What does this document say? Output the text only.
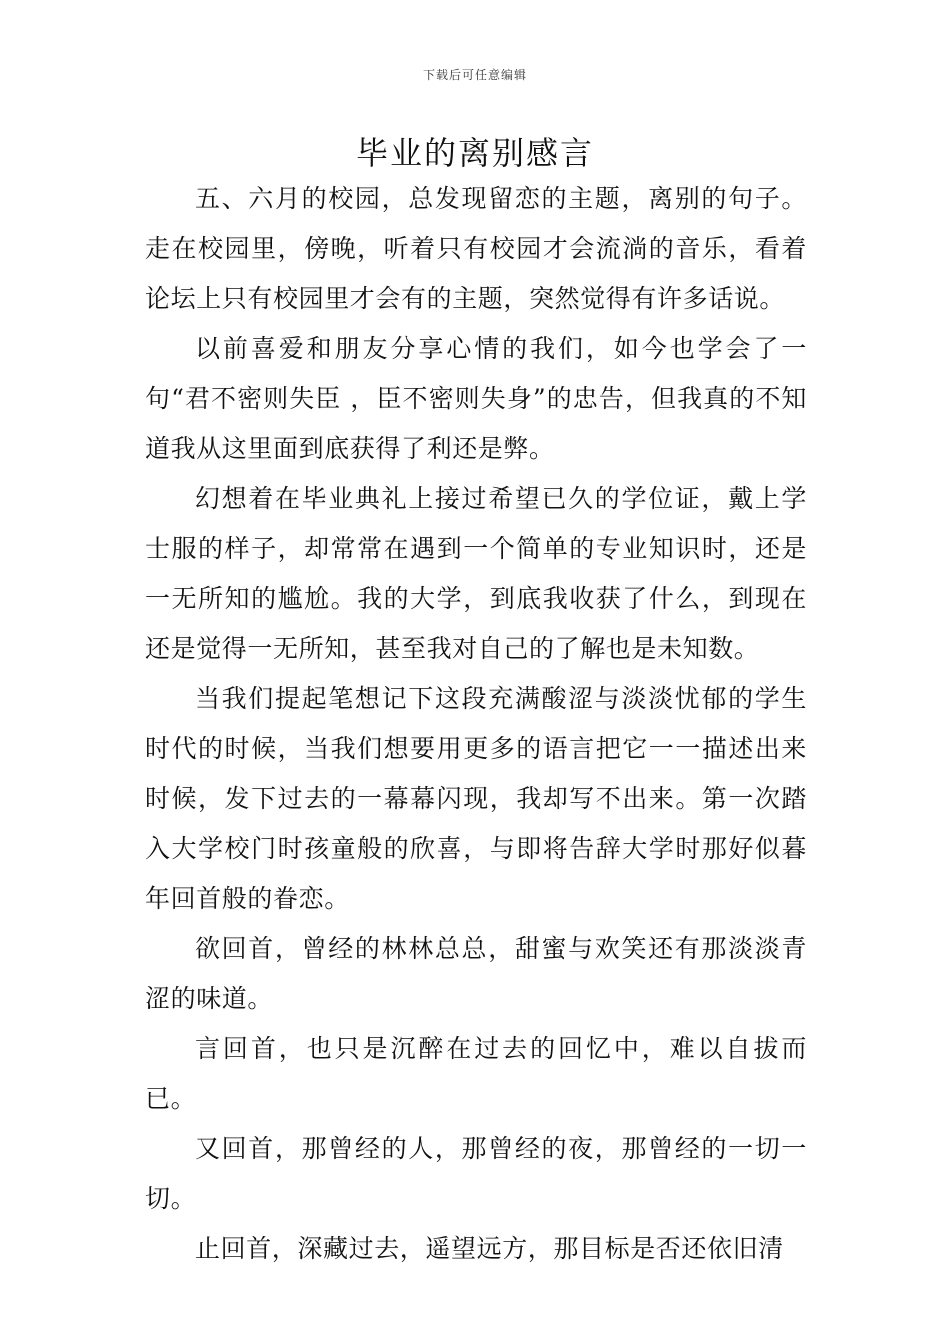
下载后可任意编辑
毕业的离别感言

五、六月的校园，总发现留恋的主题，离别的句子。走在校园里，傍晚，听着只有校园才会流淌的音乐，看着论坛上只有校园里才会有的主题，突然觉得有许多话说。

以前喜爱和朋友分享心情的我们，如今也学会了一句“君不密则失臣 ，臣不密则失身”的忠告，但我真的不知道我从这里面到底获得了利还是弊。

幻想着在毕业典礼上接过希望已久的学位证，戴上学士服的样子，却常常在遇到一个简单的专业知识时，还是一无所知的尴尬。我的大学，到底我收获了什么，到现在还是觉得一无所知，甚至我对自己的了解也是未知数。

当我们提起笔想记下这段充满酸涩与淡淡忧郁的学生时代的时候，当我们想要用更多的语言把它一一描述出来时候，发下过去的一幕幕闪现，我却写不出来。第一次踏入大学校门时孩童般的欣喜，与即将告辞大学时那好似暮年回首般的眷恋。

欲回首，曾经的林林总总，甜蜜与欢笑还有那淡淡青涩的味道。

言回首，也只是沉醉在过去的回忆中，难以自拔而已。

又回首，那曾经的人，那曾经的夜，那曾经的一切一切。

止回首，深藏过去，遥望远方，那目标是否还依旧清
